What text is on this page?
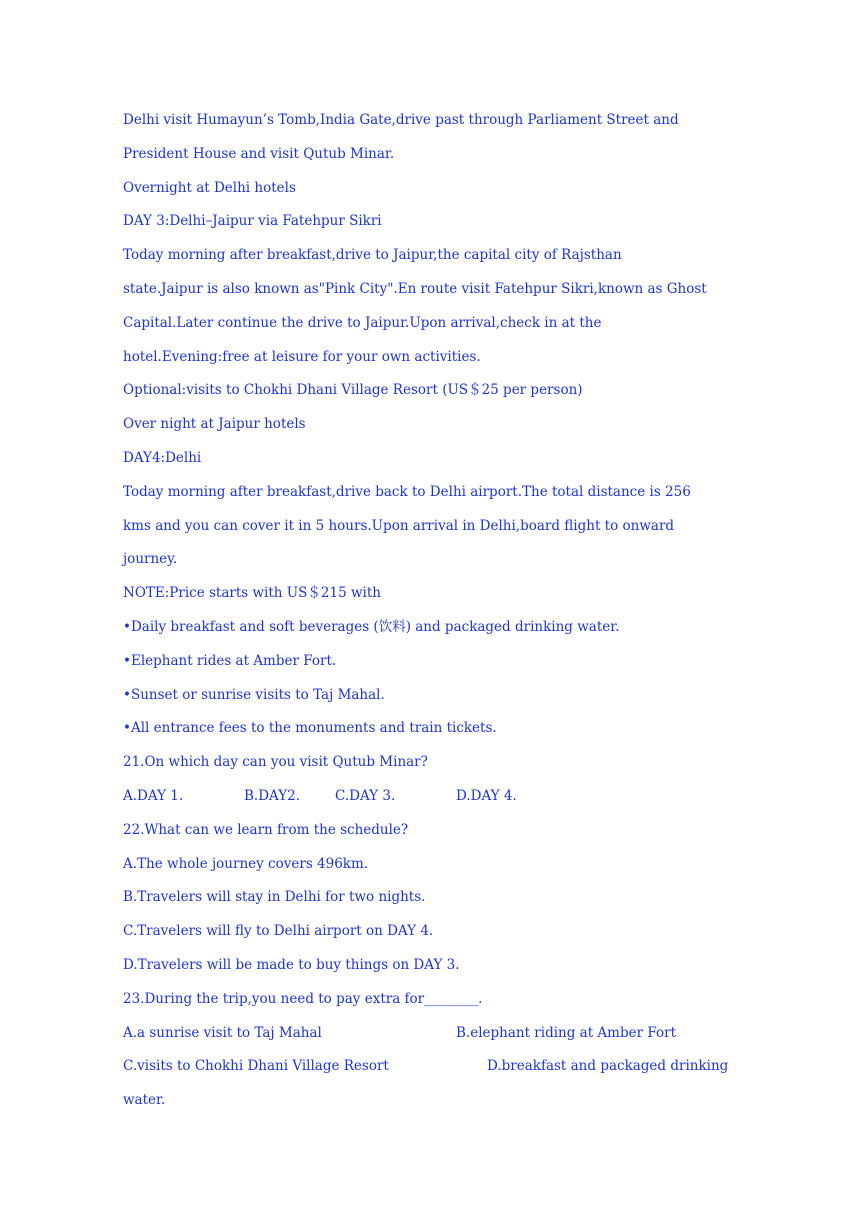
Delhi visit Humayun’s Tomb,India Gate,drive past through Parliament Street and
President House and visit Qutub Minar.
Overnight at Delhi hotels
DAY 3:Delhi–Jaipur via Fatehpur Sikri
Today morning after breakfast,drive to Jaipur,the capital city of Rajsthan
state.Jaipur is also known as"Pink City".En route visit Fatehpur Sikri,known as Ghost
Capital.Later continue the drive to Jaipur.Upon arrival,check in at the
hotel.Evening:free at leisure for your own activities.
Optional:visits to Chokhi Dhani Village Resort (US＄25 per person)
Over night at Jaipur hotels
DAY4:Delhi
Today morning after breakfast,drive back to Delhi airport.The total distance is 256
kms and you can cover it in 5 hours.Upon arrival in Delhi,board flight to onward
journey.
NOTE:Price starts with US＄215 with
•Daily breakfast and soft beverages (饮料) and packaged drinking water.
•Elephant rides at Amber Fort.
•Sunset or sunrise visits to Taj Mahal.
•All entrance fees to the monuments and train tickets.
21.On which day can you visit Qutub Minar?
A.DAY 1.	B.DAY2.	C.DAY 3.	D.DAY 4.
22.What can we learn from the schedule?
A.The whole journey covers 496km.
B.Travelers will stay in Delhi for two nights.
C.Travelers will fly to Delhi airport on DAY 4.
D.Travelers will be made to buy things on DAY 3.
23.During the trip,you need to pay extra for________.
A.a sunrise visit to Taj Mahal	B.elephant riding at Amber Fort
C.visits to Chokhi Dhani Village Resort	D.breakfast and packaged drinking
water.
